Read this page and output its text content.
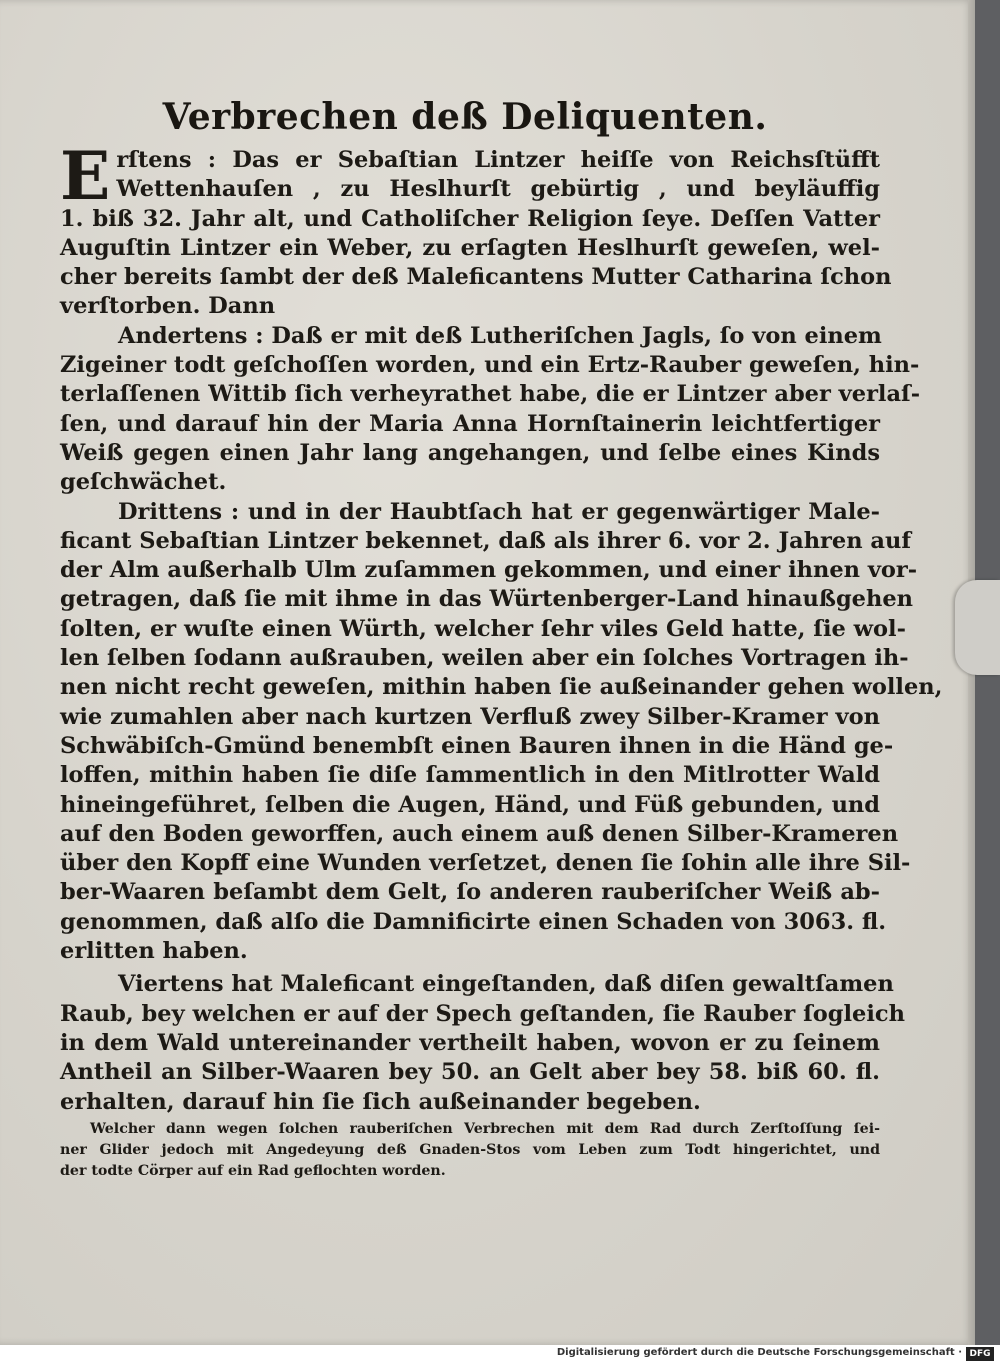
Verbrechen deß Deliquenten.

E rſtens : Das er Sebaſtian Lintzer heiſſe von Reichsſtüfft
Wettenhauſen , zu Heslhurſt gebürtig , und beyläuffig
1. biß 32. Jahr alt, und Catholiſcher Religion ſeye. Deſſen Vatter
Auguſtin Lintzer ein Weber, zu erſagten Heslhurſt geweſen, wel-
cher bereits ſambt der deß Maleficantens Mutter Catharina ſchon
verſtorben. Dann

Andertens : Daß er mit deß Lutheriſchen Jagls, ſo von einem
Zigeiner todt geſchoſſen worden, und ein Ertz-Rauber geweſen, hin-
terlaſſenen Wittib ſich verheyrathet habe, die er Lintzer aber verlaſ-
ſen, und darauf hin der Maria Anna Hornſtainerin leichtfertiger
Weiß gegen einen Jahr lang angehangen, und ſelbe eines Kinds
geſchwächet.

Drittens : und in der Haubtſach hat er gegenwärtiger Male-
ficant Sebaſtian Lintzer bekennet, daß als ihrer 6. vor 2. Jahren auf
der Alm außerhalb Ulm zuſammen gekommen, und einer ihnen vor-
getragen, daß ſie mit ihme in das Würtenberger-Land hinaußgehen
ſolten, er wuſte einen Würth, welcher ſehr viles Geld hatte, ſie wol-
len ſelben ſodann außrauben, weilen aber ein ſolches Vortragen ih-
nen nicht recht geweſen, mithin haben ſie außeinander gehen wollen,
wie zumahlen aber nach kurtzen Verfluß zwey Silber-Kramer von
Schwäbiſch-Gmünd benembſt einen Bauren ihnen in die Händ ge-
loffen, mithin haben ſie diſe ſammentlich in den Mitlrotter Wald
hineingeführet, ſelben die Augen, Händ, und Füß gebunden, und
auf den Boden geworffen, auch einem auß denen Silber-Krameren
über den Kopff eine Wunden verſetzet, denen ſie ſohin alle ihre Sil-
ber-Waaren beſambt dem Gelt, ſo anderen rauberiſcher Weiß ab-
genommen, daß alſo die Damnificirte einen Schaden von 3063. fl.
erlitten haben.

Viertens hat Maleficant eingeſtanden, daß diſen gewaltſamen
Raub, bey welchen er auf der Spech geſtanden, ſie Rauber ſogleich
in dem Wald untereinander vertheilt haben, wovon er zu ſeinem
Antheil an Silber-Waaren bey 50. an Gelt aber bey 58. biß 60. fl.
erhalten, darauf hin ſie ſich außeinander begeben.

Welcher dann wegen ſolchen rauberiſchen Verbrechen mit dem Rad durch Zerſtoſſung ſei-
ner Glider jedoch mit Angedeyung deß Gnaden-Stos vom Leben zum Todt hingerichtet, und
der todte Cörper auf ein Rad geflochten worden.

Digitalisierung gefördert durch die Deutsche Forschungsgemeinschaft · DFG
